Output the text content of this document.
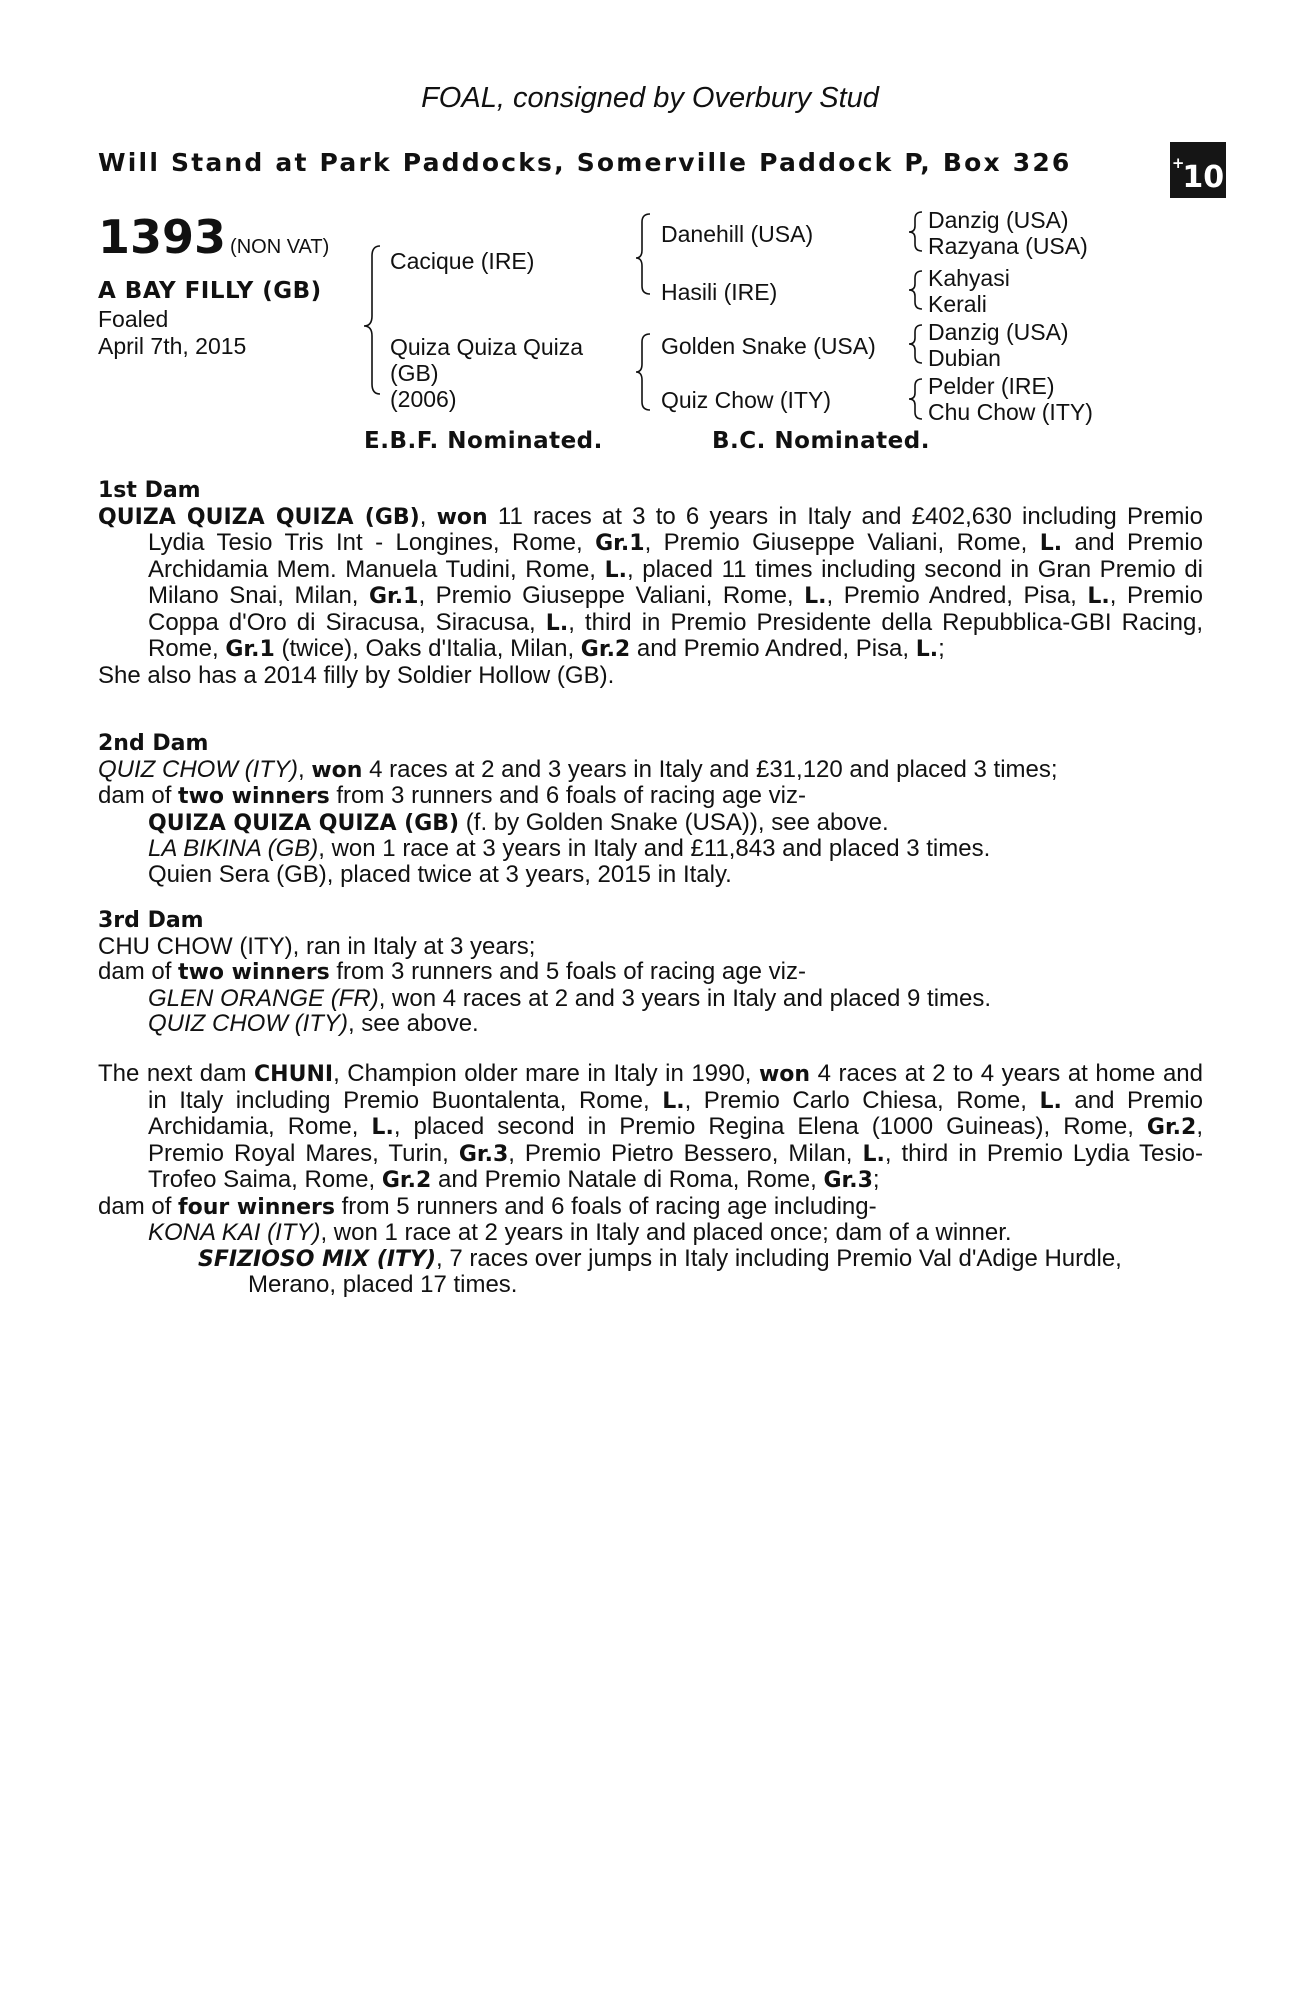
FOAL, consigned by Overbury Stud
Will Stand at Park Paddocks, Somerville Paddock P, Box 326	+10
1393 (NON VAT)
A BAY FILLY (GB)
Foaled
April 7th, 2015
Cacique (IRE)
Quiza Quiza Quiza
(GB)
(2006)
Danehill (USA)
Hasili (IRE)
Golden Snake (USA)
Quiz Chow (ITY)
Danzig (USA)
Razyana (USA)
Kahyasi
Kerali
Danzig (USA)
Dubian
Pelder (IRE)
Chu Chow (ITY)
E.B.F. Nominated.	B.C. Nominated.
1st Dam
QUIZA QUIZA QUIZA (GB), won 11 races at 3 to 6 years in Italy and £402,630 including Premio Lydia Tesio Tris Int - Longines, Rome, Gr.1, Premio Giuseppe Valiani, Rome, L. and Premio Archidamia Mem. Manuela Tudini, Rome, L., placed 11 times including second in Gran Premio di Milano Snai, Milan, Gr.1, Premio Giuseppe Valiani, Rome, L., Premio Andred, Pisa, L., Premio Coppa d'Oro di Siracusa, Siracusa, L., third in Premio Presidente della Repubblica-GBI Racing, Rome, Gr.1 (twice), Oaks d'Italia, Milan, Gr.2 and Premio Andred, Pisa, L.;
She also has a 2014 filly by Soldier Hollow (GB).
2nd Dam
QUIZ CHOW (ITY), won 4 races at 2 and 3 years in Italy and £31,120 and placed 3 times;
dam of two winners from 3 runners and 6 foals of racing age viz-
QUIZA QUIZA QUIZA (GB) (f. by Golden Snake (USA)), see above.
LA BIKINA (GB), won 1 race at 3 years in Italy and £11,843 and placed 3 times.
Quien Sera (GB), placed twice at 3 years, 2015 in Italy.
3rd Dam
CHU CHOW (ITY), ran in Italy at 3 years;
dam of two winners from 3 runners and 5 foals of racing age viz-
GLEN ORANGE (FR), won 4 races at 2 and 3 years in Italy and placed 9 times.
QUIZ CHOW (ITY), see above.
The next dam CHUNI, Champion older mare in Italy in 1990, won 4 races at 2 to 4 years at home and in Italy including Premio Buontalenta, Rome, L., Premio Carlo Chiesa, Rome, L. and Premio Archidamia, Rome, L., placed second in Premio Regina Elena (1000 Guineas), Rome, Gr.2, Premio Royal Mares, Turin, Gr.3, Premio Pietro Bessero, Milan, L., third in Premio Lydia Tesio-Trofeo Saima, Rome, Gr.2 and Premio Natale di Roma, Rome, Gr.3;
dam of four winners from 5 runners and 6 foals of racing age including-
KONA KAI (ITY), won 1 race at 2 years in Italy and placed once; dam of a winner.
SFIZIOSO MIX (ITY), 7 races over jumps in Italy including Premio Val d'Adige Hurdle,
Merano, placed 17 times.
